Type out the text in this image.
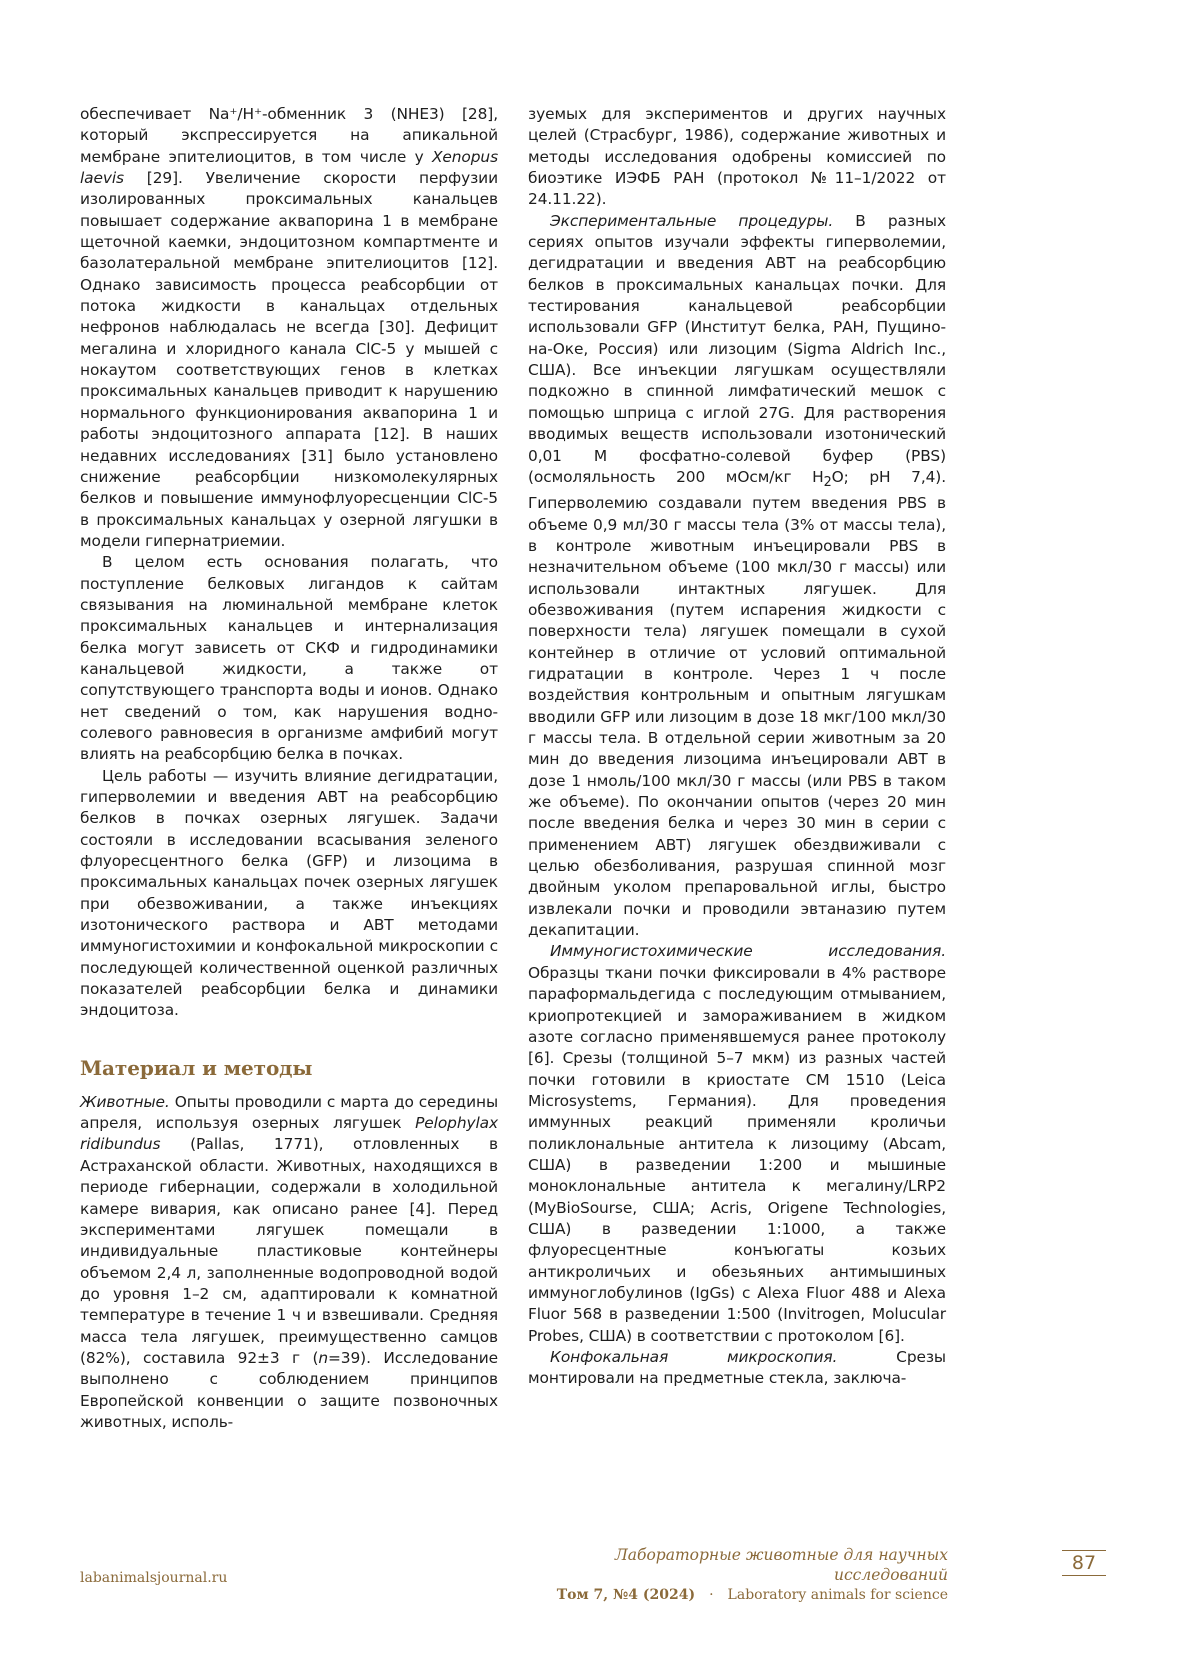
обеспечивает Na⁺/H⁺-обменник 3 (NHE3) [28], который экспрессируется на апикальной мембране эпителиоцитов, в том числе у Xenopus laevis [29]. Увеличение скорости перфузии изолированных проксимальных канальцев повышает содержание аквапорина 1 в мембране щеточной каемки, эндоцитозном компартменте и базолатеральной мембране эпителиоцитов [12]. Однако зависимость процесса реабсорбции от потока жидкости в канальцах отдельных нефронов наблюдалась не всегда [30]. Дефицит мегалина и хлоридного канала ClC-5 у мышей с нокаутом соответствующих генов в клетках проксимальных канальцев приводит к нарушению нормального функционирования аквапорина 1 и работы эндоцитозного аппарата [12]. В наших недавних исследованиях [31] было установлено снижение реабсорбции низкомолекулярных белков и повышение иммунофлуоресценции ClC-5 в проксимальных канальцах у озерной лягушки в модели гипернатриемии.

В целом есть основания полагать, что поступление белковых лигандов к сайтам связывания на люминальной мембране клеток проксимальных канальцев и интернализация белка могут зависеть от СКФ и гидродинамики канальцевой жидкости, а также от сопутствующего транспорта воды и ионов. Однако нет сведений о том, как нарушения водно-солевого равновесия в организме амфибий могут влиять на реабсорбцию белка в почках.

Цель работы — изучить влияние дегидратации, гиперволемии и введения АВТ на реабсорбцию белков в почках озерных лягушек. Задачи состояли в исследовании всасывания зеленого флуоресцентного белка (GFP) и лизоцима в проксимальных канальцах почек озерных лягушек при обезвоживании, а также инъекциях изотонического раствора и АВТ методами иммуногистохимии и конфокальной микроскопии с последующей количественной оценкой различных показателей реабсорбции белка и динамики эндоцитоза.

Материал и методы

Животные. Опыты проводили с марта до середины апреля, используя озерных лягушек Pelophylax ridibundus (Pallas, 1771), отловленных в Астраханской области. Животных, находящихся в периоде гибернации, содержали в холодильной камере вивария, как описано ранее [4]. Перед экспериментами лягушек помещали в индивидуальные пластиковые контейнеры объемом 2,4 л, заполненные водопроводной водой до уровня 1–2 см, адаптировали к комнатной температуре в течение 1 ч и взвешивали. Средняя масса тела лягушек, преимущественно самцов (82%), составила 92±3 г (n=39). Исследование выполнено с соблюдением принципов Европейской конвенции о защите позвоночных животных, исполь-

зуемых для экспериментов и других научных целей (Страсбург, 1986), содержание животных и методы исследования одобрены комиссией по биоэтике ИЭФБ РАН (протокол №11–1/2022 от 24.11.22).

Экспериментальные процедуры. В разных сериях опытов изучали эффекты гиперволемии, дегидратации и введения АВТ на реабсорбцию белков в проксимальных канальцах почки. Для тестирования канальцевой реабсорбции использовали GFP (Институт белка, РАН, Пущино-на-Оке, Россия) или лизоцим (Sigma Aldrich Inc., США). Все инъекции лягушкам осуществляли подкожно в спинной лимфатический мешок с помощью шприца с иглой 27G. Для растворения вводимых веществ использовали изотонический 0,01 М фосфатно-солевой буфер (PBS) (осмоляльность 200 мОсм/кг $H_2O$; pH 7,4). Гиперволемию создавали путем введения PBS в объеме 0,9 мл/30 г массы тела (3% от массы тела), в контроле животным инъецировали PBS в незначительном объеме (100 мкл/30 г массы) или использовали интактных лягушек. Для обезвоживания (путем испарения жидкости с поверхности тела) лягушек помещали в сухой контейнер в отличие от условий оптимальной гидратации в контроле. Через 1 ч после воздействия контрольным и опытным лягушкам вводили GFP или лизоцим в дозе 18 мкг/100 мкл/30 г массы тела. В отдельной серии животным за 20 мин до введения лизоцима инъецировали АВТ в дозе 1 нмоль/100 мкл/30 г массы (или PBS в таком же объеме). По окончании опытов (через 20 мин после введения белка и через 30 мин в серии с применением АВТ) лягушек обездвиживали с целью обезболивания, разрушая спинной мозг двойным уколом препаровальной иглы, быстро извлекали почки и проводили эвтаназию путем декапитации.

Иммуногистохимические исследования. Образцы ткани почки фиксировали в 4% растворе параформальдегида с последующим отмыванием, криопротекцией и замораживанием в жидком азоте согласно применявшемуся ранее протоколу [6]. Срезы (толщиной 5–7 мкм) из разных частей почки готовили в криостате CM 1510 (Leica Microsystems, Германия). Для проведения иммунных реакций применяли кроличьи поликлональные антитела к лизоциму (Abcam, США) в разведении 1:200 и мышиные моноклональные антитела к мегалину/LRP2 (MyBioSourse, США; Acris, Origene Technologies, США) в разведении 1:1000, а также флуоресцентные конъюгаты козьих антикроличьих и обезьяньих антимышиных иммуноглобулинов (IgGs) с Alexa Fluor 488 и Alexa Fluor 568 в разведении 1:500 (Invitrogen, Molucular Probes, США) в соответствии с протоколом [6].

Конфокальная микроскопия. Срезы монтировали на предметные стекла, заключа-

labanimalsjournal.ru
Лабораторные животные для научных исследований
Том 7, №4 (2024) · Laboratory animals for science
87
